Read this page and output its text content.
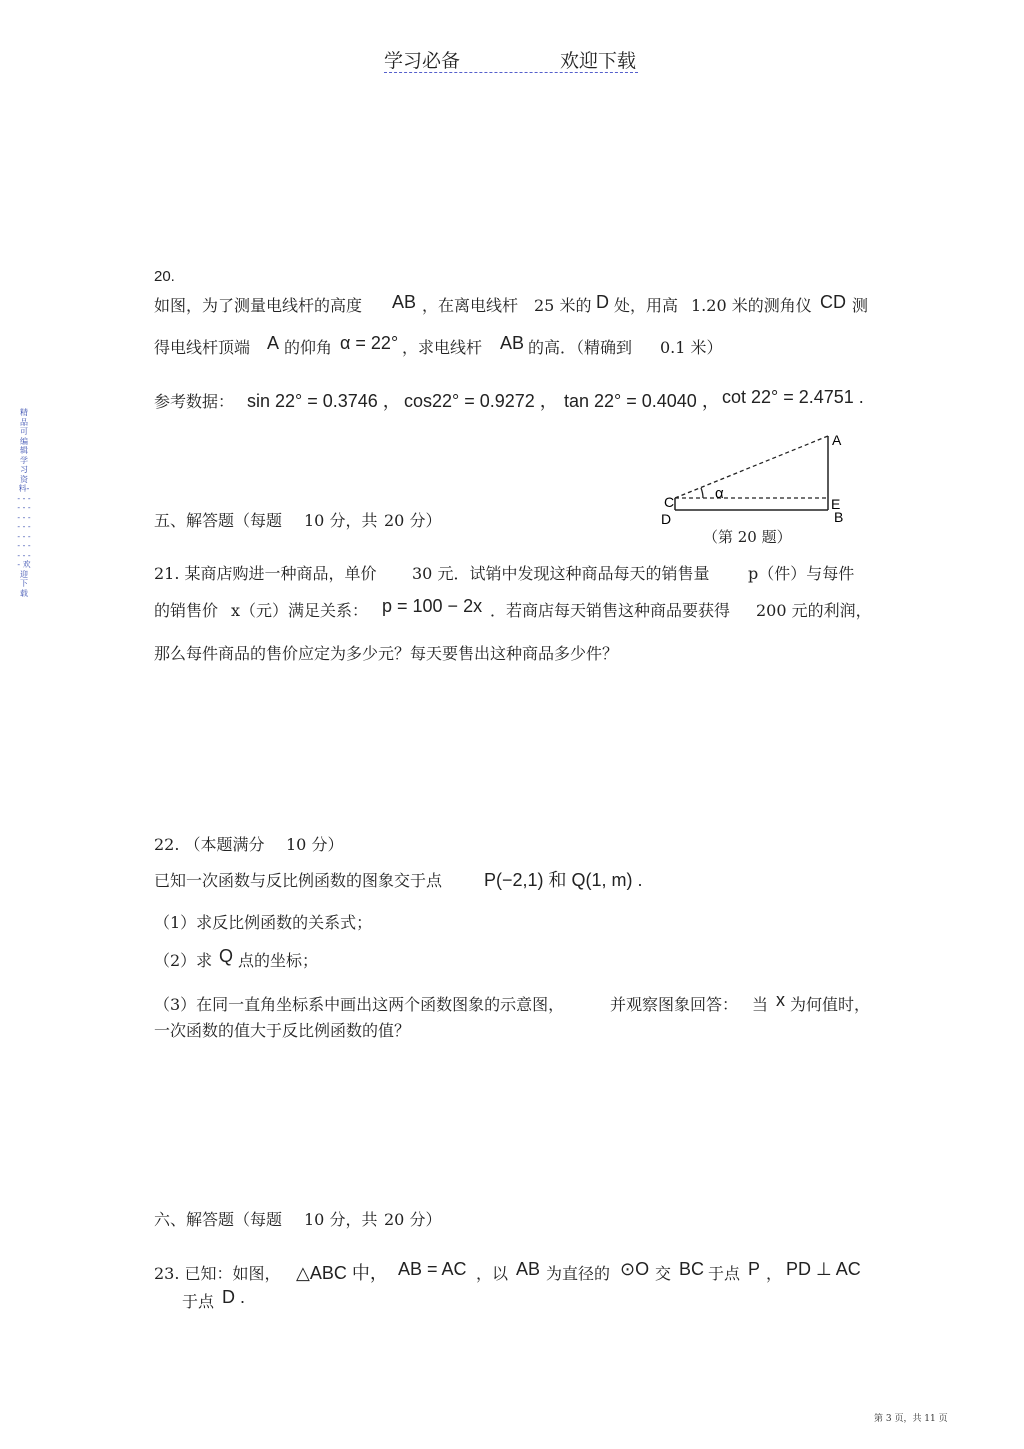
学习必备	欢迎下载
精品可编辑学习资料- - - - - - - - - - - - - - - - - - - - - - - 欢迎下载
20.
如图，为了测量电线杆的高度 AB ，在离电线杆 25 米的 D 处，用高 1.20 米的测角仪 CD 测
得电线杆顶端 A 的仰角 α = 22° ，求电线杆 AB 的高．（精确到 0.1 米）
参考数据： sin 22° = 0.3746 ， cos22° = 0.9272 ， tan 22° = 0.4040 ， cot 22° = 2.4751 .
A
C	E
D	B
α
（第 20 题）
五、解答题（每题 10 分，共 20 分）
21. 某商店购进一种商品，单价 30 元．试销中发现这种商品每天的销售量 p（件）与每件
的销售价 x（元）满足关系： p = 100 − 2x ．若商店每天销售这种商品要获得 200 元的利润，
那么每件商品的售价应定为多少元？每天要售出这种商品多少件？
22. （本题满分 10 分）
已知一次函数与反比例函数的图象交于点 P(−2,1) 和 Q(1, m) .
（1）求反比例函数的关系式；
（2）求 Q 点的坐标；
（3）在同一直角坐标系中画出这两个函数图象的示意图，	并观察图象回答： 当 x 为何值时，
一次函数的值大于反比例函数的值？
六、解答题（每题 10 分，共 20 分）
23. 已知：如图， △ABC 中， AB = AC ，以 AB 为直径的 ⊙O 交 BC 于点 P ， PD ⊥ AC
于点 D .
第 3 页，共 11 页
